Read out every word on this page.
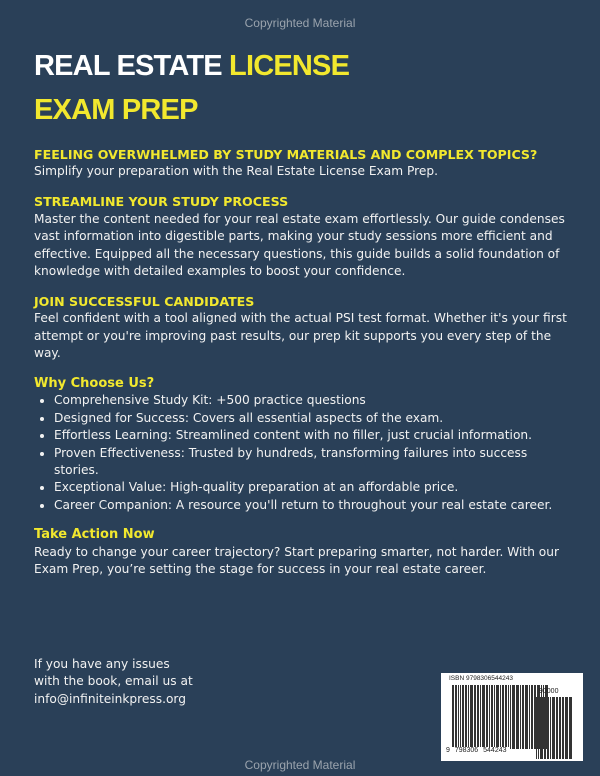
Copyrighted Material
REAL ESTATE LICENSE
EXAM PREP
FEELING OVERWHELMED BY STUDY MATERIALS AND COMPLEX TOPICS?

Simplify your preparation with the Real Estate License Exam Prep.

STREAMLINE YOUR STUDY PROCESS

Master the content needed for your real estate exam effortlessly. Our guide condenses vast information into digestible parts, making your study sessions more efficient and effective. Equipped all the necessary questions, this guide builds a solid foundation of knowledge with detailed examples to boost your confidence.

JOIN SUCCESSFUL CANDIDATES

Feel confident with a tool aligned with the actual PSI test format. Whether it's your first attempt or you're improving past results, our prep kit supports you every step of the way.

Why Choose Us?
• Comprehensive Study Kit: +500 practice questions
• Designed for Success: Covers all essential aspects of the exam.
• Effortless Learning: Streamlined content with no filler, just crucial information.
• Proven Effectiveness: Trusted by hundreds, transforming failures into success stories.
• Exceptional Value: High-quality preparation at an affordable price.
• Career Companion: A resource you'll return to throughout your real estate career.
Take Action Now

Ready to change your career trajectory? Start preparing smarter, not harder. With our Exam Prep, you’re setting the stage for success in your real estate career.

If you have any issues
with the book, email us at
info@infiniteinkpress.org
ISBN 9798306544243
90000
9 798306 544243
Copyrighted Material
